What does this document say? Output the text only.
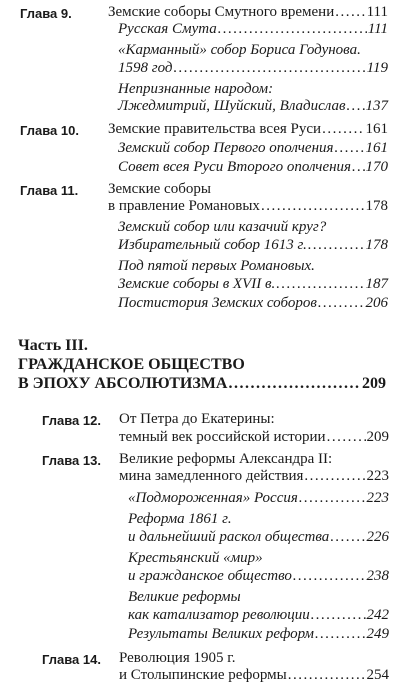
Глава 9. Земские соборы Смутного времени ..... 111
Русская Смута .....	111
«Карманный» собор Бориса Годунова.
1598 год .....	119
Непризнанные народом:
Лжедмитрий, Шуйский, Владислав ..... 137
Глава 10. Земские правительства всея Руси .....	161
Земский собор Первого ополчения ..... 161
Совет всея Руси Второго ополчения ..... 170
Глава 11. Земские соборы
в правление Романовых .....	178
Земский собор или казачий круг?
Избирательный собор 1613 г. .....	178
Под пятой первых Романовых.
Земские соборы в XVII в. .....	187
Постистория Земских соборов .....	206
Часть III.
ГРАЖДАНСКОЕ ОБЩЕСТВО
В ЭПОХУ АБСОЛЮТИЗМА .....	209
Глава 12. От Петра до Екатерины:
темный век российской истории .....	209
Глава 13. Великие реформы Александра II:
мина замедленного действия .....	223
«Подмороженная» Россия .....	223
Реформа 1861 г.
и дальнейший раскол общества ..... 226
Крестьянский «мир»
и гражданское общество .....	238
Великие реформы
как катализатор революции .....	242
Результаты Великих реформ .....	249
Глава 14. Революция 1905 г.
и Столыпинские реформы .....	254
